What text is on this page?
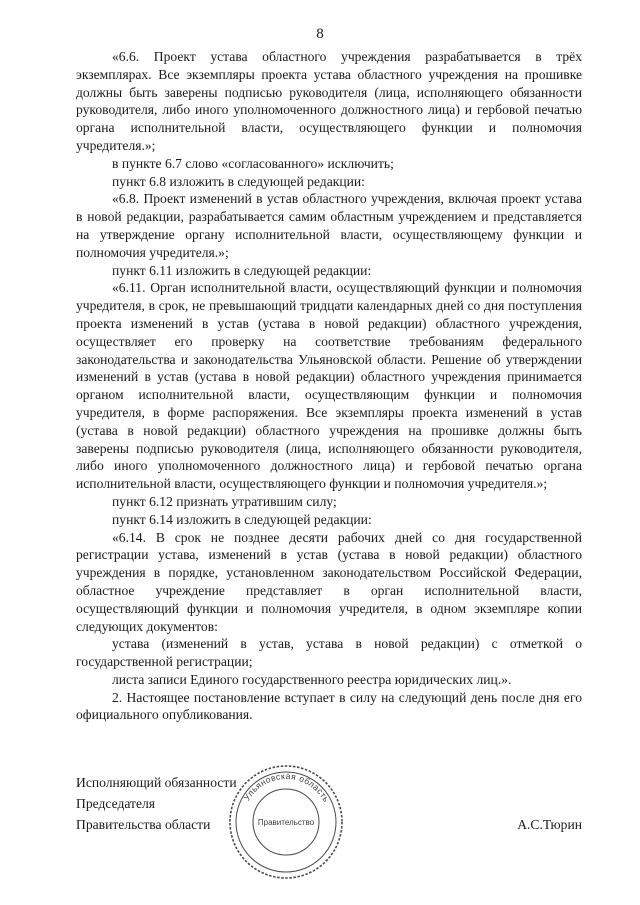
8

«6.6. Проект устава областного учреждения разрабатывается в трёх экземплярах. Все экземпляры проекта устава областного учреждения на прошивке должны быть заверены подписью руководителя (лица, исполняющего обязанности руководителя, либо иного уполномоченного должностного лица) и гербовой печатью органа исполнительной власти, осуществляющего функции и полномочия учредителя.»;

в пункте 6.7 слово «согласованного» исключить;

пункт 6.8 изложить в следующей редакции:

«6.8. Проект изменений в устав областного учреждения, включая проект устава в новой редакции, разрабатывается самим областным учреждением и представляется на утверждение органу исполнительной власти, осуществляющему функции и полномочия учредителя.»;

пункт 6.11 изложить в следующей редакции:

«6.11. Орган исполнительной власти, осуществляющий функции и полномочия учредителя, в срок, не превышающий тридцати календарных дней со дня поступления проекта изменений в устав (устава в новой редакции) областного учреждения, осуществляет его проверку на соответствие требованиям федерального законодательства и законодательства Ульяновской области. Решение об утверждении изменений в устав (устава в новой редакции) областного учреждения принимается органом исполнительной власти, осуществляющим функции и полномочия учредителя, в форме распоряжения. Все экземпляры проекта изменений в устав (устава в новой редакции) областного учреждения на прошивке должны быть заверены подписью руководителя (лица, исполняющего обязанности руководителя, либо иного уполномоченного должностного лица) и гербовой печатью органа исполнительной власти, осуществляющего функции и полномочия учредителя.»;

пункт 6.12 признать утратившим силу;

пункт 6.14 изложить в следующей редакции:

«6.14. В срок не позднее десяти рабочих дней со дня государственной регистрации устава, изменений в устав (устава в новой редакции) областного учреждения в порядке, установленном законодательством Российской Федерации, областное учреждение представляет в орган исполнительной власти, осуществляющий функции и полномочия учредителя, в одном экземпляре копии следующих документов:

устава (изменений в устав, устава в новой редакции) с отметкой о государственной регистрации;

листа записи Единого государственного реестра юридических лиц.».

2. Настоящее постановление вступает в силу на следующий день после дня его официального опубликования.

Исполняющий обязанности
Председателя
Правительства области	А.С.Тюрин
Ульяновская область
Правительство
